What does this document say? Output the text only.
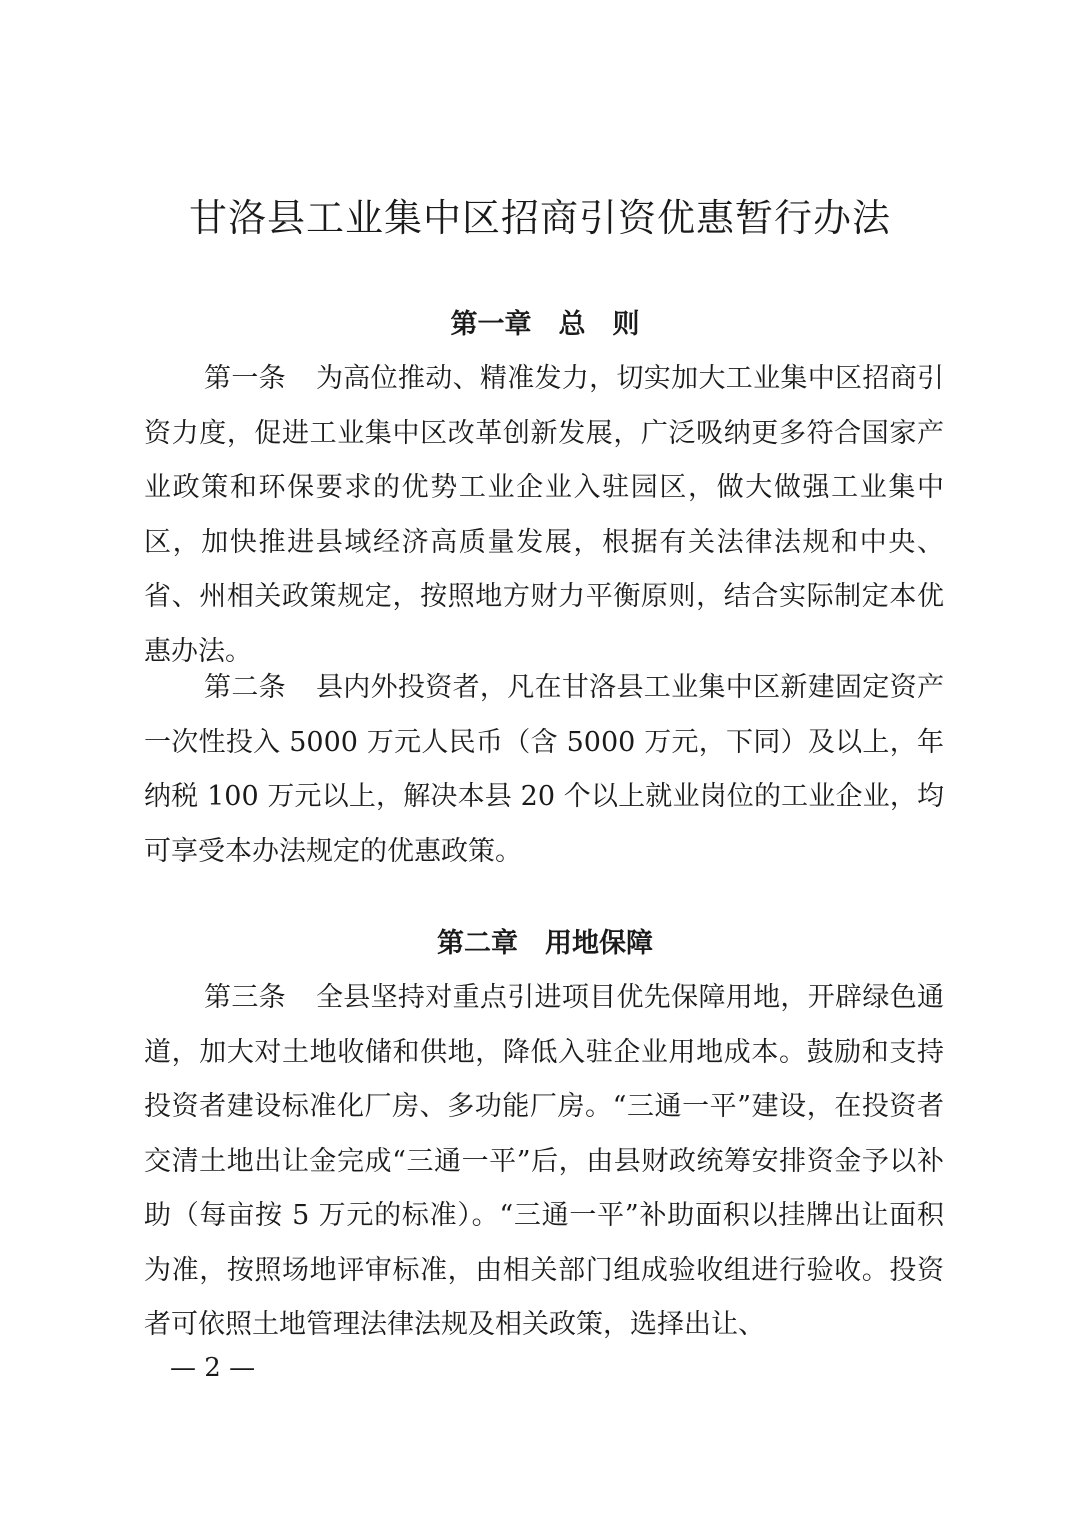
甘洛县工业集中区招商引资优惠暂行办法
第一章　总　则

第一条 为高位推动、精准发力，切实加大工业集中区招商引资力度，促进工业集中区改革创新发展，广泛吸纳更多符合国家产业政策和环保要求的优势工业企业入驻园区，做大做强工业集中区，加快推进县域经济高质量发展，根据有关法律法规和中央、省、州相关政策规定，按照地方财力平衡原则，结合实际制定本优惠办法。

第二条 县内外投资者，凡在甘洛县工业集中区新建固定资产一次性投入 5000 万元人民币（含 5000 万元，下同）及以上，年纳税 100 万元以上，解决本县 20 个以上就业岗位的工业企业，均可享受本办法规定的优惠政策。

第二章　用地保障

第三条 全县坚持对重点引进项目优先保障用地，开辟绿色通道，加大对土地收储和供地，降低入驻企业用地成本。鼓励和支持投资者建设标准化厂房、多功能厂房。“三通一平”建设，在投资者交清土地出让金完成“三通一平”后，由县财政统筹安排资金予以补助（每亩按 5 万元的标准）。“三通一平”补助面积以挂牌出让面积为准，按照场地评审标准，由相关部门组成验收组进行验收。投资者可依照土地管理法律法规及相关政策，选择出让、

— 2 —
